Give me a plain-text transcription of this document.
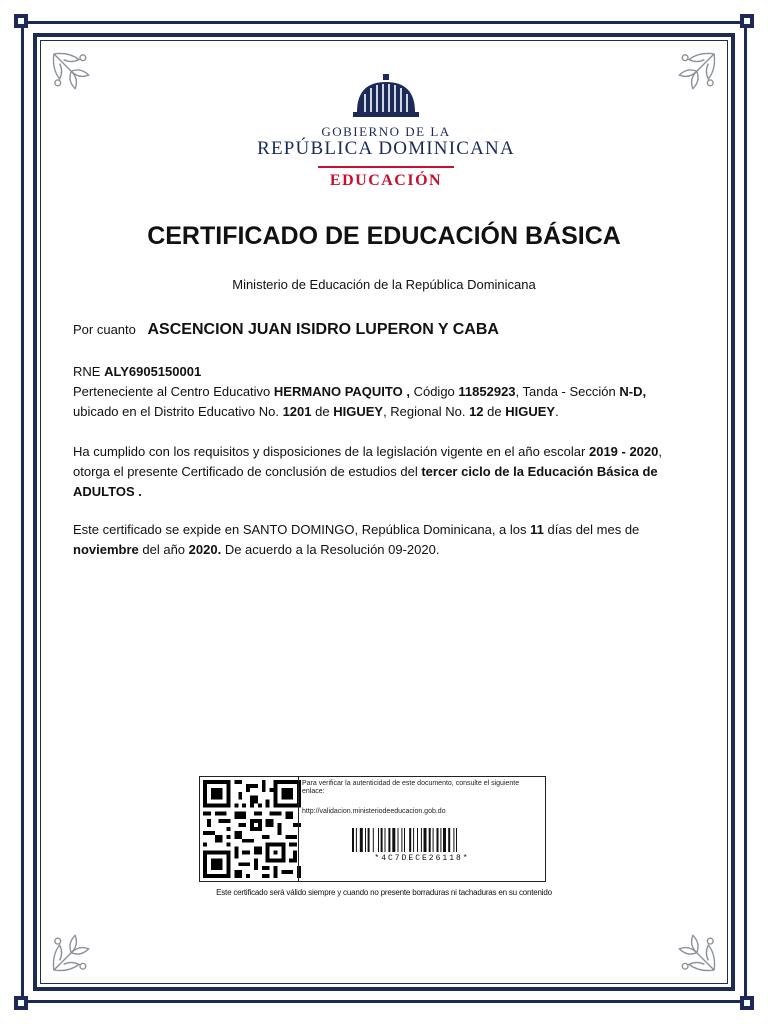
GOBIERNO DE LA
REPÚBLICA DOMINICANA
EDUCACIÓN
CERTIFICADO DE EDUCACIÓN BÁSICA
Ministerio de Educación de la República Dominicana
Por cuanto ASCENCION JUAN ISIDRO LUPERON Y CABA
RNE ALY6905150001
Perteneciente al Centro Educativo HERMANO PAQUITO , Código 11852923, Tanda - Sección N-D, ubicado en el Distrito Educativo No. 1201 de HIGUEY, Regional No. 12 de HIGUEY.
Ha cumplido con los requisitos y disposiciones de la legislación vigente en el año escolar 2019 - 2020, otorga el presente Certificado de conclusión de estudios del tercer ciclo de la Educación Básica de ADULTOS .
Este certificado se expide en SANTO DOMINGO, República Dominicana, a los 11 días del mes de noviembre del año 2020. De acuerdo a la Resolución 09-2020.
Para verificar la autenticidad de este documento, consulte el siguiente enlace:
http://validacion.ministeriodeeducacion.gob.do
*4C7DECE26118*
Este certificado será válido siempre y cuando no presente borraduras ni tachaduras en su contenido
